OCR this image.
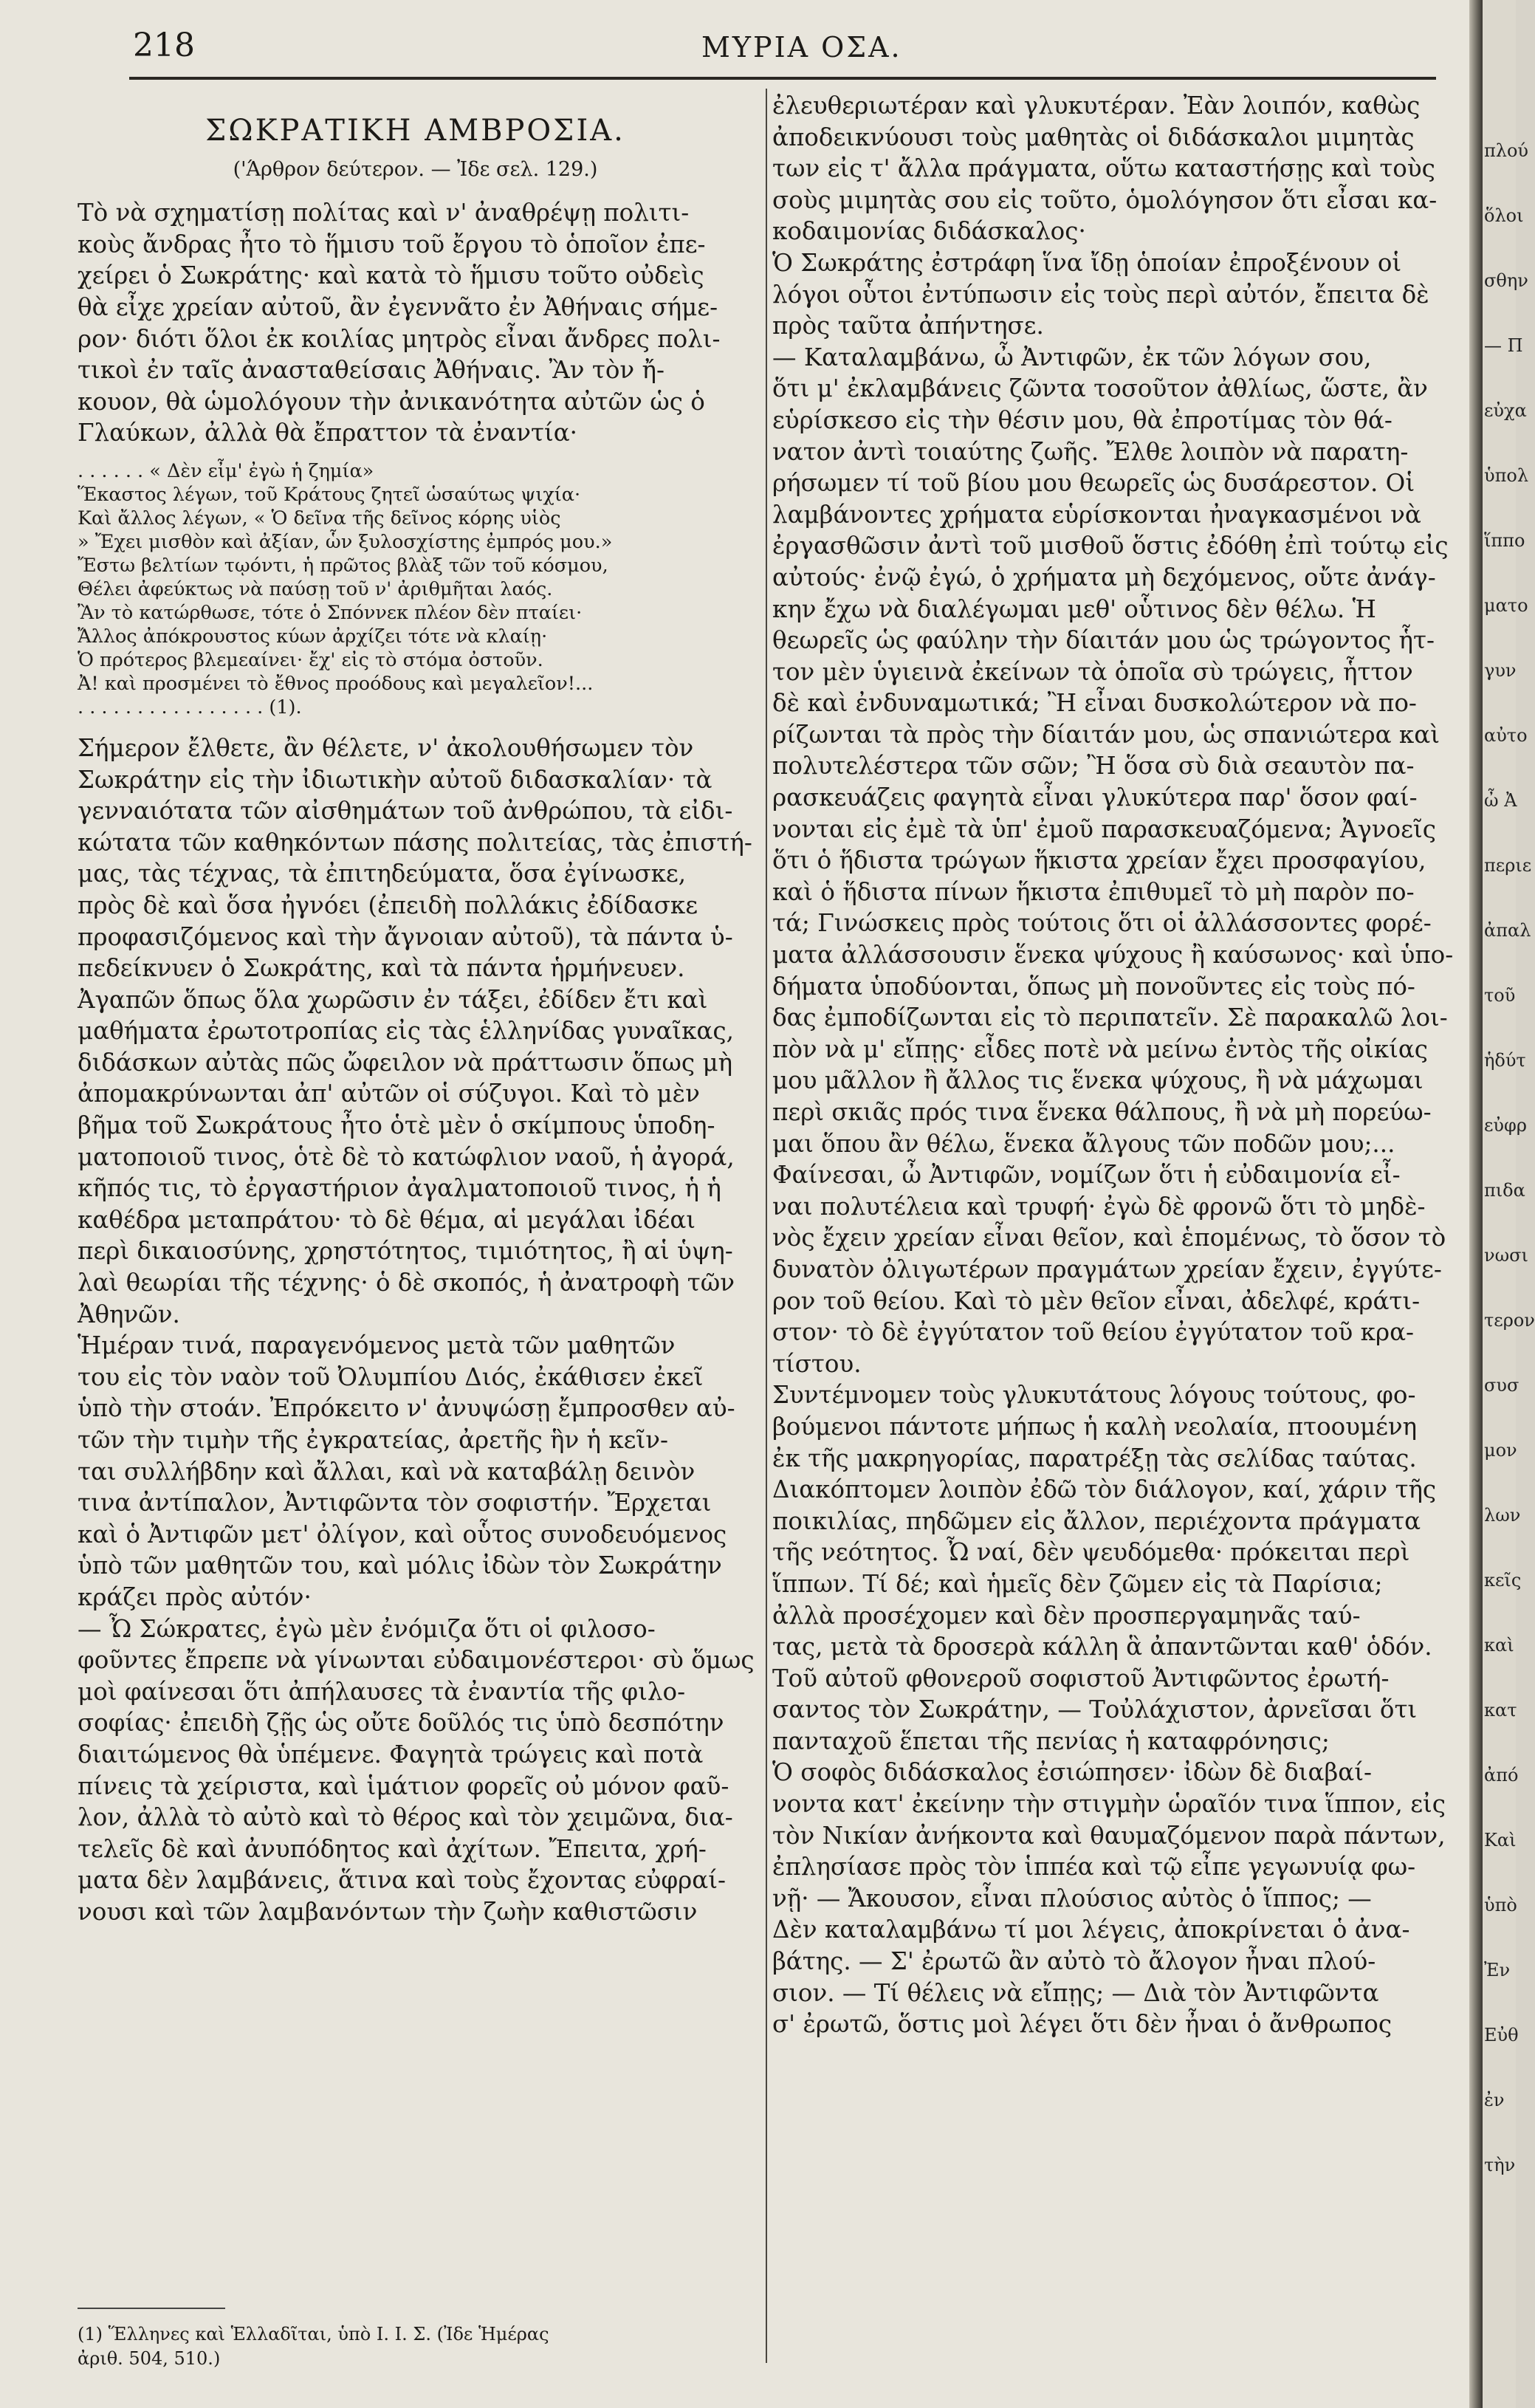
218	ΜΥΡΙΑ ΟΣΑ.

ΣΩΚΡΑΤΙΚΗ ΑΜΒΡΟΣΙΑ.

('Άρθρον δεύτερον. — Ἰδε σελ. 129.)

Τὸ νὰ σχηματίσῃ πολίτας καὶ ν' ἀναθρέψῃ πολιτι-

κοὺς ἄνδρας ἦτο τὸ ἥμισυ τοῦ ἔργου τὸ ὁποῖον ἐπε-

χείρει ὁ Σωκράτης· καὶ κατὰ τὸ ἥμισυ τοῦτο οὐδεὶς

θὰ εἶχε χρείαν αὐτοῦ, ἂν ἐγεννᾶτο ἐν Ἀθήναις σήμε-

ρον· διότι ὅλοι ἐκ κοιλίας μητρὸς εἶναι ἄνδρες πολι-

τικοὶ ἐν ταῖς ἀνασταθείσαις Ἀθήναις. Ἂν τὸν ἤ-

κουον, θὰ ὡμολόγουν τὴν ἀνικανότητα αὐτῶν ὡς ὁ

Γλαύκων, ἀλλὰ θὰ ἔπραττον τὰ ἐναντία·

. . . . . . « Δὲν εἶμ' ἐγὼ ἡ ζημία»

Ἕκαστος λέγων, τοῦ Κράτους ζητεῖ ὡσαύτως ψιχία·

Καὶ ἄλλος λέγων, « Ὁ δεῖνα τῆς δεῖνος κόρης υἱὸς

» Ἔχει μισθὸν καὶ ἀξίαν, ὧν ξυλοσχίστης ἐμπρός μου.»

Ἔστω βελτίων τῳόντι, ἡ πρῶτος βλὰξ τῶν τοῦ κόσμου,

Θέλει ἀφεύκτως νὰ παύσῃ τοῦ ν' ἀριθμῆται λαός.

Ἂν τὸ κατώρθωσε, τότε ὁ Σπόννεκ πλέον δὲν πταίει·

Ἄλλος ἀπόκρουστος κύων ἀρχίζει τότε νὰ κλαίῃ·

Ὁ πρότερος βλεμεαίνει· ἔχ' εἰς τὸ στόμα ὀστοῦν.

Ἀ! καὶ προσμένει τὸ ἔθνος προόδους καὶ μεγαλεῖον!...

. . . . . . . . . . . . . . . . (1).

Σήμερον ἔλθετε, ἂν θέλετε, ν' ἀκολουθήσωμεν τὸν

Σωκράτην εἰς τὴν ἰδιωτικὴν αὐτοῦ διδασκαλίαν· τὰ

γενναιότατα τῶν αἰσθημάτων τοῦ ἀνθρώπου, τὰ εἰδι-

κώτατα τῶν καθηκόντων πάσης πολιτείας, τὰς ἐπιστή-

μας, τὰς τέχνας, τὰ ἐπιτηδεύματα, ὅσα ἐγίνωσκε,

πρὸς δὲ καὶ ὅσα ἠγνόει (ἐπειδὴ πολλάκις ἐδίδασκε

προφασιζόμενος καὶ τὴν ἄγνοιαν αὐτοῦ), τὰ πάντα ὑ-

πεδείκνυεν ὁ Σωκράτης, καὶ τὰ πάντα ἡρμήνευεν.

Ἀγαπῶν ὅπως ὅλα χωρῶσιν ἐν τάξει, ἐδίδεν ἔτι καὶ

μαθήματα ἐρωτοτροπίας εἰς τὰς ἑλληνίδας γυναῖκας,

διδάσκων αὐτὰς πῶς ὤφειλον νὰ πράττωσιν ὅπως μὴ

ἀπομακρύνωνται ἀπ' αὐτῶν οἱ σύζυγοι. Καὶ τὸ μὲν

βῆμα τοῦ Σωκράτους ἦτο ὁτὲ μὲν ὁ σκίμπους ὑποδη-

ματοποιοῦ τινος, ὁτὲ δὲ τὸ κατώφλιον ναοῦ, ἡ ἀγορά,

κῆπός τις, τὸ ἐργαστήριον ἀγαλματοποιοῦ τινος, ἡ ἡ

καθέδρα μεταπράτου· τὸ δὲ θέμα, αἱ μεγάλαι ἰδέαι

περὶ δικαιοσύνης, χρηστότητος, τιμιότητος, ἢ αἱ ὑψη-

λαὶ θεωρίαι τῆς τέχνης· ὁ δὲ σκοπός, ἡ ἀνατροφὴ τῶν

Ἀθηνῶν.

Ἡμέραν τινά, παραγενόμενος μετὰ τῶν μαθητῶν

του εἰς τὸν ναὸν τοῦ Ὀλυμπίου Διός, ἐκάθισεν ἐκεῖ

ὑπὸ τὴν στοάν. Ἐπρόκειτο ν' ἀνυψώσῃ ἔμπροσθεν αὐ-

τῶν τὴν τιμὴν τῆς ἐγκρατείας, ἀρετῆς ἣν ἡ κεῖν-

ται συλλήβδην καὶ ἄλλαι, καὶ νὰ καταβάλῃ δεινὸν

τινα ἀντίπαλον, Ἀντιφῶντα τὸν σοφιστήν. Ἔρχεται

καὶ ὁ Ἀντιφῶν μετ' ὀλίγον, καὶ οὗτος συνοδευόμενος

ὑπὸ τῶν μαθητῶν του, καὶ μόλις ἰδὼν τὸν Σωκράτην

κράζει πρὸς αὐτόν·

— Ὦ Σώκρατες, ἐγὼ μὲν ἐνόμιζα ὅτι οἱ φιλοσο-

φοῦντες ἔπρεπε νὰ γίνωνται εὐδαιμονέστεροι· σὺ ὅμως

μοὶ φαίνεσαι ὅτι ἀπήλαυσες τὰ ἐναντία τῆς φιλο-

σοφίας· ἐπειδὴ ζῇς ὡς οὔτε δοῦλός τις ὑπὸ δεσπότην

διαιτώμενος θὰ ὑπέμενε. Φαγητὰ τρώγεις καὶ ποτὰ

πίνεις τὰ χείριστα, καὶ ἱμάτιον φορεῖς οὐ μόνον φαῦ-

λον, ἀλλὰ τὸ αὐτὸ καὶ τὸ θέρος καὶ τὸν χειμῶνα, δια-

τελεῖς δὲ καὶ ἀνυπόδητος καὶ ἀχίτων. Ἔπειτα, χρή-

ματα δὲν λαμβάνεις, ἅτινα καὶ τοὺς ἔχοντας εὐφραί-

νουσι καὶ τῶν λαμβανόντων τὴν ζωὴν καθιστῶσιν

(1) Ἕλληνες καὶ Ἑλλαδῖται, ὑπὸ Ι. Ι. Σ. (Ἰδε Ἡμέρας

ἀριθ. 504, 510.)

ἐλευθεριωτέραν καὶ γλυκυτέραν. Ἐὰν λοιπόν, καθὼς

ἀποδεικνύουσι τοὺς μαθητὰς οἱ διδάσκαλοι μιμητὰς

των εἰς τ' ἄλλα πράγματα, οὕτω καταστήσῃς καὶ τοὺς

σοὺς μιμητὰς σου εἰς τοῦτο, ὁμολόγησον ὅτι εἶσαι κα-

κοδαιμονίας διδάσκαλος·

Ὁ Σωκράτης ἐστράφη ἵνα ἴδῃ ὁποίαν ἐπροξένουν οἱ

λόγοι οὗτοι ἐντύπωσιν εἰς τοὺς περὶ αὐτόν, ἔπειτα δὲ

πρὸς ταῦτα ἀπήντησε.

— Καταλαμβάνω, ὦ Ἀντιφῶν, ἐκ τῶν λόγων σου,

ὅτι μ' ἐκλαμβάνεις ζῶντα τοσοῦτον ἀθλίως, ὥστε, ἂν

εὑρίσκεσο εἰς τὴν θέσιν μου, θὰ ἐπροτίμας τὸν θά-

νατον ἀντὶ τοιαύτης ζωῆς. Ἔλθε λοιπὸν νὰ παρατη-

ρήσωμεν τί τοῦ βίου μου θεωρεῖς ὡς δυσάρεστον. Οἱ

λαμβάνοντες χρήματα εὑρίσκονται ἠναγκασμένοι νὰ

ἐργασθῶσιν ἀντὶ τοῦ μισθοῦ ὅστις ἐδόθη ἐπὶ τούτῳ εἰς

αὐτούς· ἐνῷ ἐγώ, ὁ χρήματα μὴ δεχόμενος, οὔτε ἀνάγ-

κην ἔχω νὰ διαλέγωμαι μεθ' οὗτινος δὲν θέλω. Ἡ

θεωρεῖς ὡς φαύλην τὴν δίαιτάν μου ὡς τρώγοντος ἧτ-

τον μὲν ὑγιεινὰ ἐκείνων τὰ ὁποῖα σὺ τρώγεις, ἧττον

δὲ καὶ ἐνδυναμωτικά; Ἢ εἶναι δυσκολώτερον νὰ πο-

ρίζωνται τὰ πρὸς τὴν δίαιτάν μου, ὡς σπανιώτερα καὶ

πολυτελέστερα τῶν σῶν; Ἢ ὅσα σὺ διὰ σεαυτὸν πα-

ρασκευάζεις φαγητὰ εἶναι γλυκύτερα παρ' ὅσον φαί-

νονται εἰς ἐμὲ τὰ ὑπ' ἐμοῦ παρασκευαζόμενα; Ἀγνοεῖς

ὅτι ὁ ἥδιστα τρώγων ἥκιστα χρείαν ἔχει προσφαγίου,

καὶ ὁ ἥδιστα πίνων ἥκιστα ἐπιθυμεῖ τὸ μὴ παρὸν πο-

τά; Γινώσκεις πρὸς τούτοις ὅτι οἱ ἀλλάσσοντες φορέ-

ματα ἀλλάσσουσιν ἕνεκα ψύχους ἢ καύσωνος· καὶ ὑπο-

δήματα ὑποδύονται, ὅπως μὴ πονοῦντες εἰς τοὺς πό-

δας ἐμποδίζωνται εἰς τὸ περιπατεῖν. Σὲ παρακαλῶ λοι-

πὸν νὰ μ' εἴπῃς· εἶδες ποτὲ νὰ μείνω ἐντὸς τῆς οἰκίας

μου μᾶλλον ἢ ἄλλος τις ἕνεκα ψύχους, ἢ νὰ μάχωμαι

περὶ σκιᾶς πρός τινα ἕνεκα θάλπους, ἢ νὰ μὴ πορεύω-

μαι ὅπου ἂν θέλω, ἕνεκα ἄλγους τῶν ποδῶν μου;...

Φαίνεσαι, ὦ Ἀντιφῶν, νομίζων ὅτι ἡ εὐδαιμονία εἶ-

ναι πολυτέλεια καὶ τρυφή· ἐγὼ δὲ φρονῶ ὅτι τὸ μηδὲ-

νὸς ἔχειν χρείαν εἶναι θεῖον, καὶ ἑπομένως, τὸ ὅσον τὸ

δυνατὸν ὀλιγωτέρων πραγμάτων χρείαν ἔχειν, ἐγγύτε-

ρον τοῦ θείου. Καὶ τὸ μὲν θεῖον εἶναι, ἀδελφέ, κράτι-

στον· τὸ δὲ ἐγγύτατον τοῦ θείου ἐγγύτατον τοῦ κρα-

τίστου.

Συντέμνομεν τοὺς γλυκυτάτους λόγους τούτους, φο-

βούμενοι πάντοτε μήπως ἡ καλὴ νεολαία, πτοουμένη

ἐκ τῆς μακρηγορίας, παρατρέξῃ τὰς σελίδας ταύτας.

Διακόπτομεν λοιπὸν ἐδῶ τὸν διάλογον, καί, χάριν τῆς

ποικιλίας, πηδῶμεν εἰς ἄλλον, περιέχοντα πράγματα

τῆς νεότητος. Ὦ ναί, δὲν ψευδόμεθα· πρόκειται περὶ

ἵππων. Τί δέ; καὶ ἡμεῖς δὲν ζῶμεν εἰς τὰ Παρίσια;

ἀλλὰ προσέχομεν καὶ δὲν προσπεργαμηνᾶς ταύ-

τας, μετὰ τὰ δροσερὰ κάλλη ἃ ἀπαντῶνται καθ' ὁδόν.

Τοῦ αὐτοῦ φθονεροῦ σοφιστοῦ Ἀντιφῶντος ἐρωτή-

σαντος τὸν Σωκράτην, — Τοὐλάχιστον, ἀρνεῖσαι ὅτι

πανταχοῦ ἕπεται τῆς πενίας ἡ καταφρόνησις;

Ὁ σοφὸς διδάσκαλος ἐσιώπησεν· ἰδὼν δὲ διαβαί-

νοντα κατ' ἐκείνην τὴν στιγμὴν ὡραῖόν τινα ἵππον, εἰς

τὸν Νικίαν ἀνήκοντα καὶ θαυμαζόμενον παρὰ πάντων,

ἐπλησίασε πρὸς τὸν ἱππέα καὶ τῷ εἶπε γεγωνυίᾳ φω-

νῇ· — Ἄκουσον, εἶναι πλούσιος αὐτὸς ὁ ἵππος; —

Δὲν καταλαμβάνω τί μοι λέγεις, ἀποκρίνεται ὁ ἀνα-

βάτης. — Σ' ἐρωτῶ ἂν αὐτὸ τὸ ἄλογον ἦναι πλού-

σιον. — Τί θέλεις νὰ εἴπῃς; — Διὰ τὸν Ἀντιφῶντα

σ' ἐρωτῶ, ὅστις μοὶ λέγει ὅτι δὲν ἦναι ὁ ἄνθρωπος

πλού
ὅλοι
σθην
— Π
εὐχα
ὑπολ
ἵππο
ματο
γυν
αὐτο
ὦ Ἀ
περιε
ἀπαλ
τοῦ
ἡδύτ
εὐφρ
πιδα
νωσι
τερον
συσ
μον
λων
κεῖς
καὶ
κατ
ἀπό
Καὶ
ὑπὸ
Ἐν
Εὐθ
ἐν
τὴν
